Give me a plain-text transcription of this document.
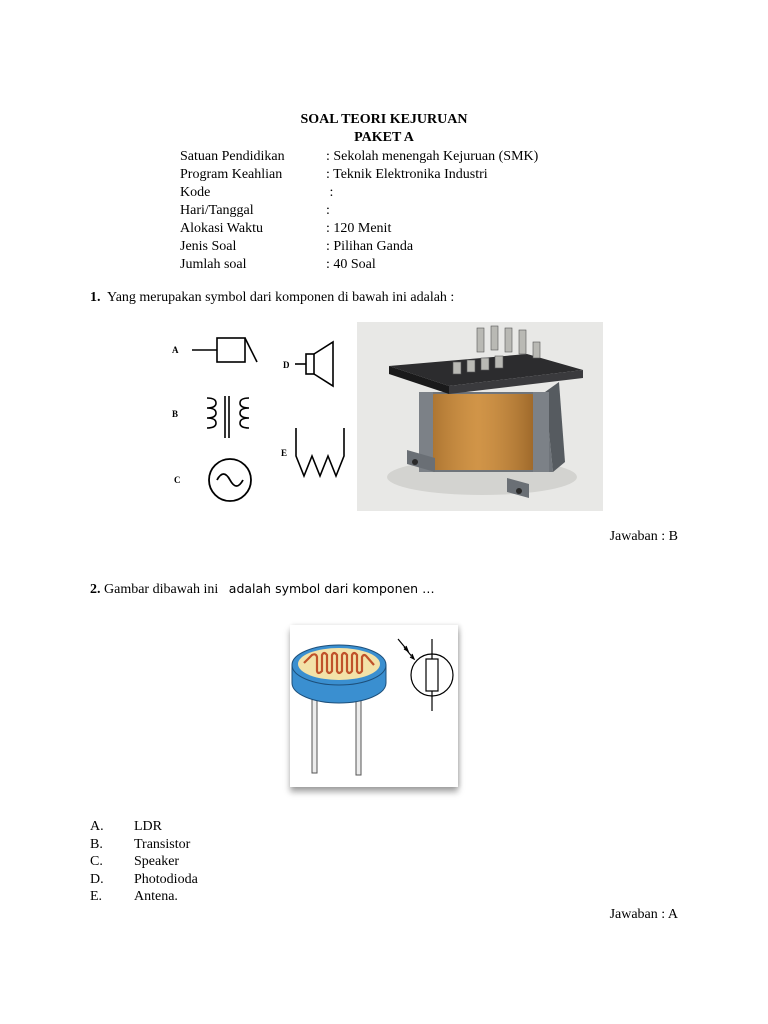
SOAL TEORI KEJURUAN
PAKET A
Satuan Pendidikan	: Sekolah menengah Kejuruan (SMK)
Program Keahlian	: Teknik Elektronika Industri
Kode	:
Hari/Tanggal	:
Alokasi Waktu	: 120 Menit
Jenis Soal	: Pilihan Ganda
Jumlah soal	: 40 Soal
1. Yang merupakan symbol dari komponen di bawah ini adalah :
A
B
C
D
E
Jawaban : B
2. Gambar dibawah ini adalah symbol dari komponen …
A. LDR
B. Transistor
C. Speaker
D. Photodioda
E. Antena.
Jawaban : A
